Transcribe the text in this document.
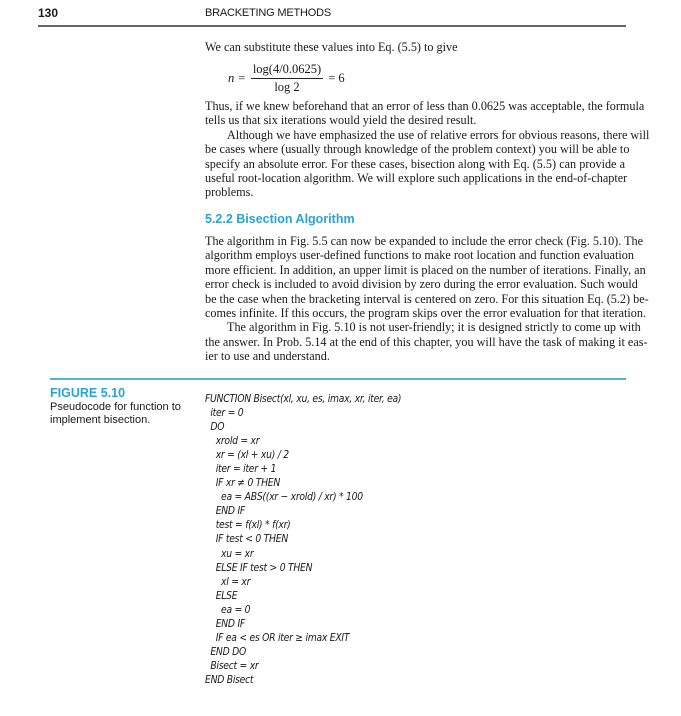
130	BRACKETING METHODS
We can substitute these values into Eq. (5.5) to give
$n = \frac{\log(4/0.0625)}{\log 2} = 6$
Thus, if we knew beforehand that an error of less than 0.0625 was acceptable, the formula
tells us that six iterations would yield the desired result.
Although we have emphasized the use of relative errors for obvious reasons, there will
be cases where (usually through knowledge of the problem context) you will be able to
specify an absolute error. For these cases, bisection along with Eq. (5.5) can provide a
useful root-location algorithm. We will explore such applications in the end-of-chapter
problems.
5.2.2 Bisection Algorithm
The algorithm in Fig. 5.5 can now be expanded to include the error check (Fig. 5.10). The
algorithm employs user-defined functions to make root location and function evaluation
more efficient. In addition, an upper limit is placed on the number of iterations. Finally, an
error check is included to avoid division by zero during the error evaluation. Such would
be the case when the bracketing interval is centered on zero. For this situation Eq. (5.2) be-
comes infinite. If this occurs, the program skips over the error evaluation for that iteration.
The algorithm in Fig. 5.10 is not user-friendly; it is designed strictly to come up with
the answer. In Prob. 5.14 at the end of this chapter, you will have the task of making it eas-
ier to use and understand.
FIGURE 5.10
Pseudocode for function to implement bisection.
FUNCTION Bisect(xl, xu, es, imax, xr, iter, ea)
iter = 0
DO
xrold = xr
xr = (xl + xu) / 2
iter = iter + 1
IF xr ≠ 0 THEN
ea = ABS((xr − xrold) / xr) * 100
END IF
test = f(xl) * f(xr)
IF test < 0 THEN
xu = xr
ELSE IF test > 0 THEN
xl = xr
ELSE
ea = 0
END IF
IF ea < es OR iter ≥ imax EXIT
END DO
Bisect = xr
END Bisect
